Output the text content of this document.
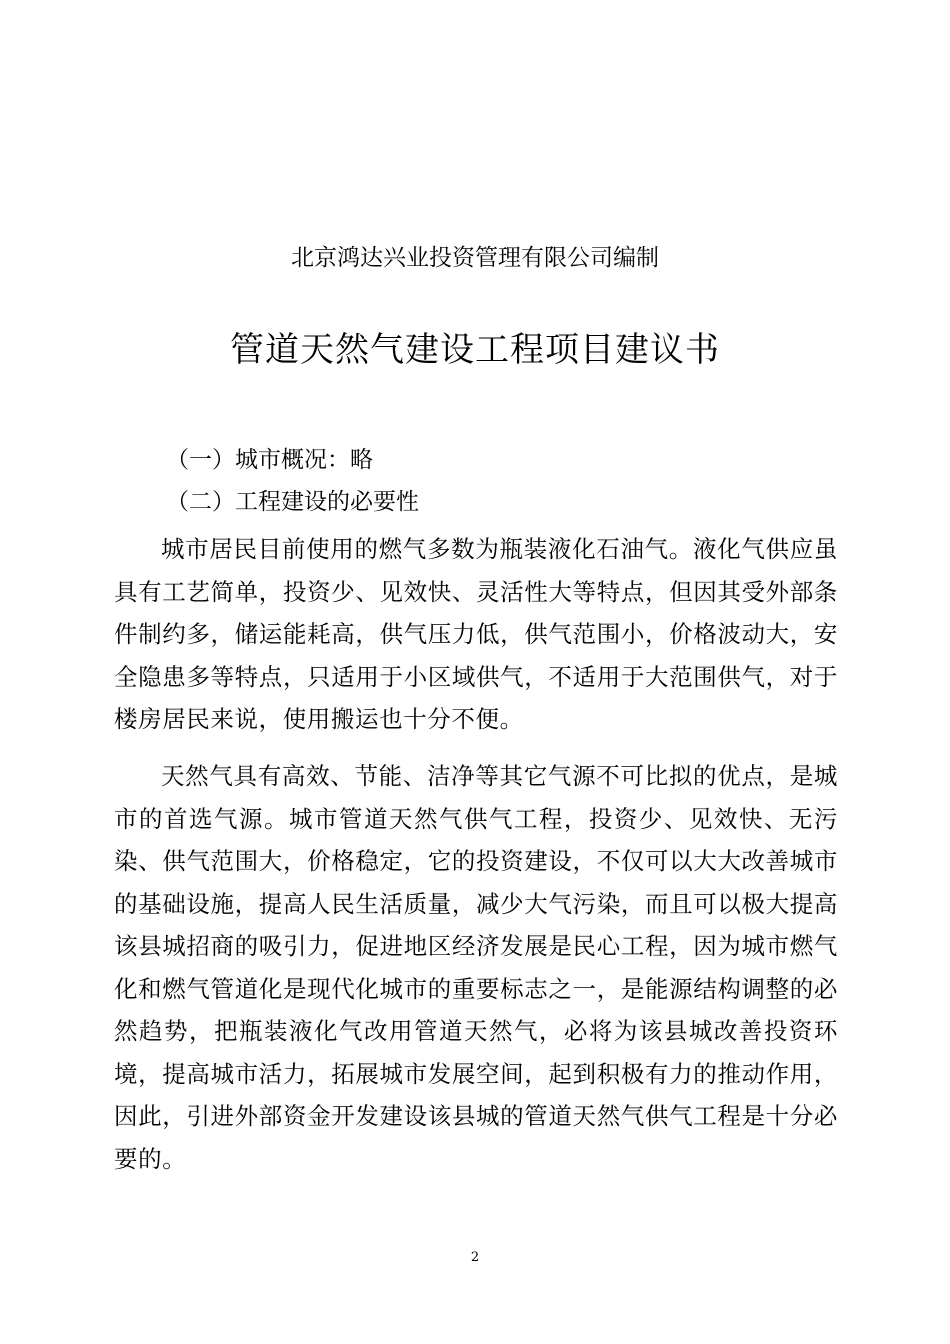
北京鸿达兴业投资管理有限公司编制
管道天然气建设工程项目建议书
（一）城市概况：略
（二）工程建设的必要性

城市居民目前使用的燃气多数为瓶装液化石油气。液化气供应虽具有工艺简单，投资少、见效快、灵活性大等特点，但因其受外部条件制约多，储运能耗高，供气压力低，供气范围小，价格波动大，安全隐患多等特点，只适用于小区域供气，不适用于大范围供气，对于楼房居民来说，使用搬运也十分不便。

天然气具有高效、节能、洁净等其它气源不可比拟的优点，是城市的首选气源。城市管道天然气供气工程，投资少、见效快、无污染、供气范围大，价格稳定，它的投资建设，不仅可以大大改善城市的基础设施，提高人民生活质量，减少大气污染，而且可以极大提高该县城招商的吸引力，促进地区经济发展是民心工程，因为城市燃气化和燃气管道化是现代化城市的重要标志之一，是能源结构调整的必然趋势，把瓶装液化气改用管道天然气，必将为该县城改善投资环境，提高城市活力，拓展城市发展空间，起到积极有力的推动作用，因此，引进外部资金开发建设该县城的管道天然气供气工程是十分必要的。

2
